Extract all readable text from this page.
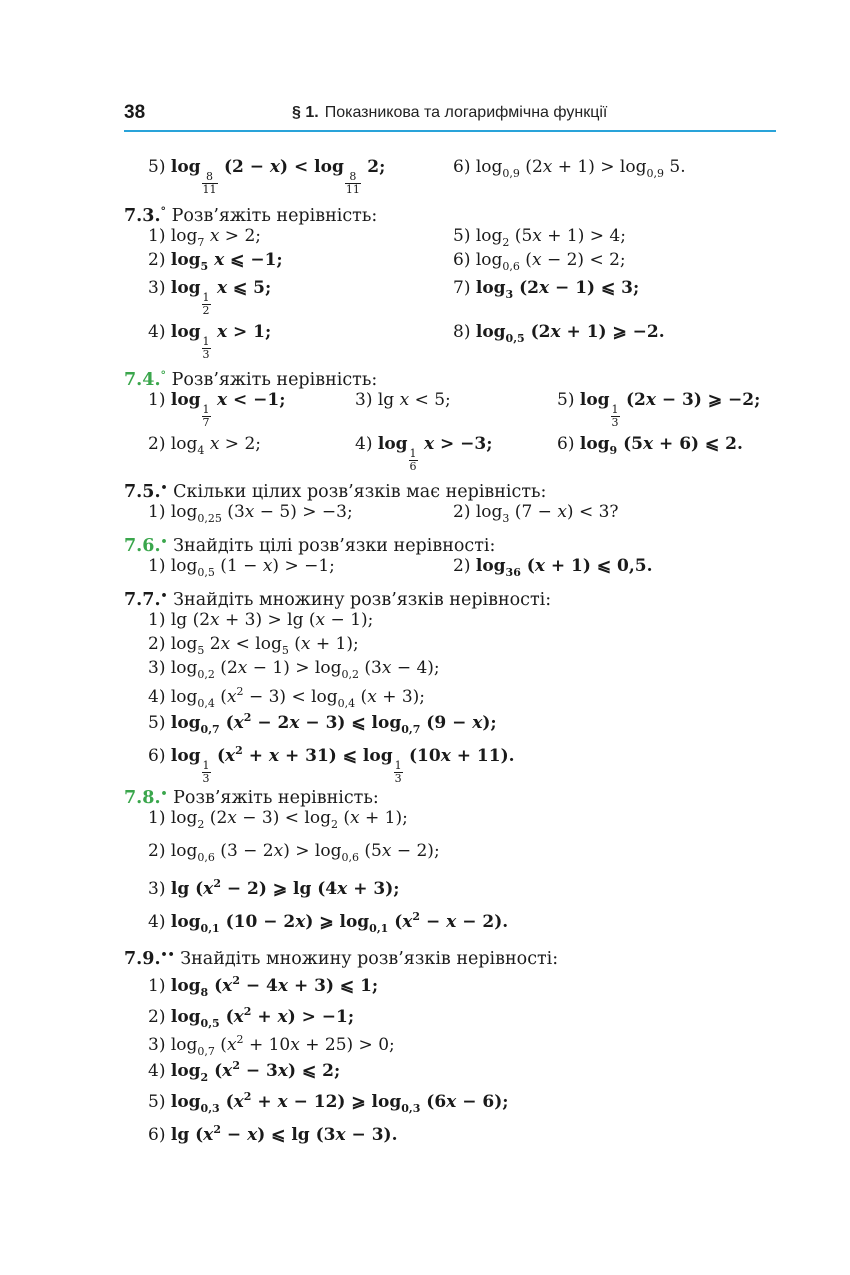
38	§ 1. Показникова та логарифмічна функції
5) log
$\frac{8}{11}$
(2 − x) < log
$\frac{8}{11}$
2;	6) $\log_{0,9} (2x + 1) > \log_{0,9} 5$.
7.3.° Розв’яжіть нерівність:
1) $\log_7 x > 2$;	5) $\log_2 (5x + 1) > 4$;
2) $\log_5 x$ ⩽ −1;	6) $\log_{0,6} (x - 2) < 2$;
3) log
$\frac{1}{2}$
x ⩽ 5;	7) $\log_3 (2x - 1)$ ⩽ 3;
4) log
$\frac{1}{3}$
x > 1;	8) $\log_{0,5} (2x + 1)$ ⩾ −2.
7.4.° Розв’яжіть нерівність:
1) log
$\frac{1}{7}$
x < −1;	3) lg x < 5;	5) log
$\frac{1}{3}$
(2x − 3) ⩾ −2;
2) $\log_4 x > 2$;	4) log
$\frac{1}{6}$
x > −3;	6) $\log_9 (5x + 6)$ ⩽ 2.
7.5.• Скільки цілих розв’язків має нерівність:
1) $\log_{0,25} (3x - 5) > -3$;	2) $\log_3 (7 - x) < 3$?
7.6.• Знайдіть цілі розв’язки нерівності:
1) $\log_{0,5} (1 - x) > -1$;	2) $\log_{36} (x + 1)$ ⩽ 0,5.
7.7.• Знайдіть множину розв’язків нерівності:
1) lg (2x + 3) > lg (x − 1);
2) $\log_5 2x < \log_5 (x + 1)$;
3) $\log_{0,2} (2x - 1) > \log_{0,2} (3x - 4)$;
4) $\log_{0,4} (x^2 - 3) < \log_{0,4} (x + 3)$;
5) $\log_{0,7} (x^2 - 2x - 3)$ ⩽ $\log_{0,7} (9 - x)$;
6) log
$\frac{1}{3}$
$(x^2 + x + 31)$ ⩽ log
$\frac{1}{3}$
(10x + 11).
7.8.• Розв’яжіть нерівність:
1) $\log_2 (2x - 3) < \log_2 (x + 1)$;
2) $\log_{0,6} (3 - 2x) > \log_{0,6} (5x - 2)$;
3) $\lg (x^2 - 2)$ ⩾ lg (4x + 3);
4) $\log_{0,1} (10 - 2x)$ ⩾ $\log_{0,1} (x^2 - x - 2)$.
7.9.•• Знайдіть множину розв’язків нерівності:
1) $\log_8 (x^2 - 4x + 3)$ ⩽ 1;
2) $\log_{0,5} (x^2 + x) > -1$;
3) $\log_{0,7} (x^2 + 10x + 25) > 0$;
4) $\log_2 (x^2 - 3x)$ ⩽ 2;
5) $\log_{0,3} (x^2 + x - 12)$ ⩾ $\log_{0,3} (6x - 6)$;
6) $\lg (x^2 - x)$ ⩽ lg (3x − 3).
